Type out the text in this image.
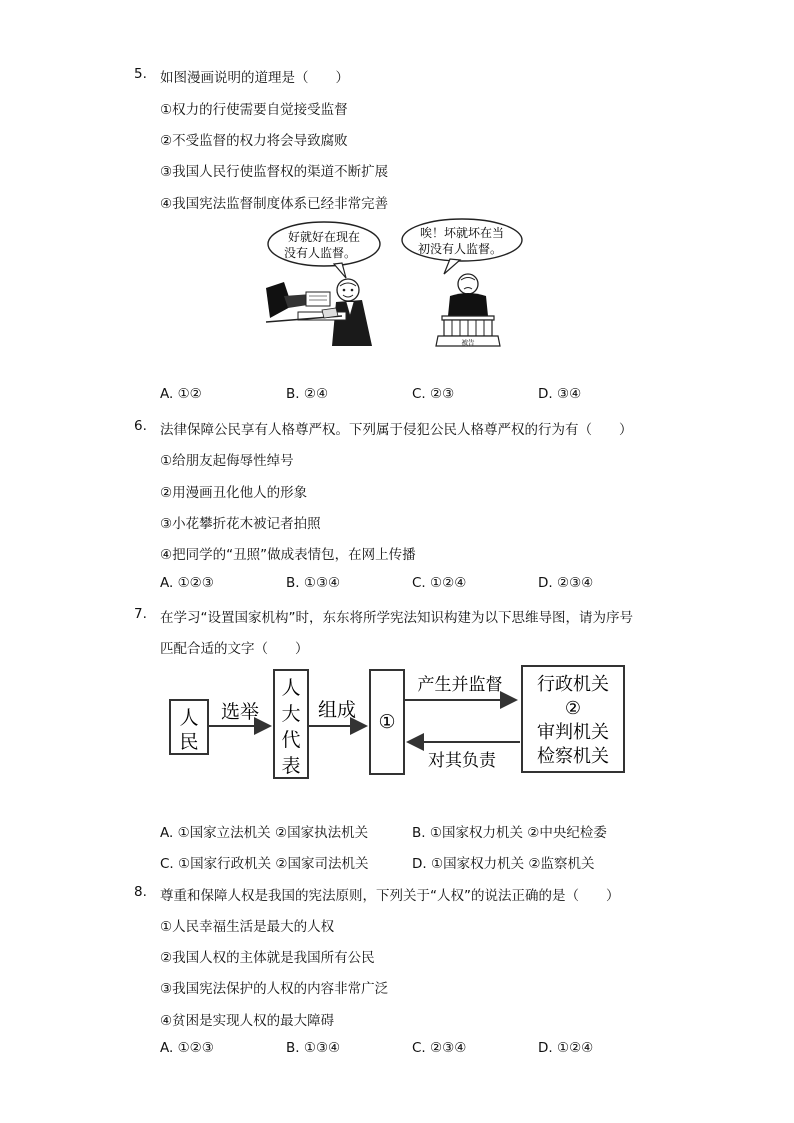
5. 如图漫画说明的道理是（　　）
①权力的行使需要自觉接受监督
②不受监督的权力将会导致腐败
③我国人民行使监督权的渠道不断扩展
④我国宪法监督制度体系已经非常完善
好就好在现在
没有人监督。
唉！坏就坏在当
初没有人监督。
被告
A. ①②	B. ②④	C. ②③	D. ③④
6. 法律保障公民享有人格尊严权。下列属于侵犯公民人格尊严权的行为有（　　）
①给朋友起侮辱性绰号
②用漫画丑化他人的形象
③小花攀折花木被记者拍照
④把同学的“丑照”做成表情包，在网上传播
A. ①②③	B. ①③④	C. ①②④	D. ②③④
7. 在学习“设置国家机构”时，东东将所学宪法知识构建为以下思维导图，请为序号
匹配合适的文字（　　）
人
民
选举
人
大
代
表
组成
①
产生并监督
对其负责
行政机关
②
审判机关
检察机关
A. ①国家立法机关 ②国家执法机关	B. ①国家权力机关 ②中央纪检委
C. ①国家行政机关 ②国家司法机关	D. ①国家权力机关 ②监察机关
8. 尊重和保障人权是我国的宪法原则，下列关于“人权”的说法正确的是（　　）
①人民幸福生活是最大的人权
②我国人权的主体就是我国所有公民
③我国宪法保护的人权的内容非常广泛
④贫困是实现人权的最大障碍
A. ①②③	B. ①③④	C. ②③④	D. ①②④
